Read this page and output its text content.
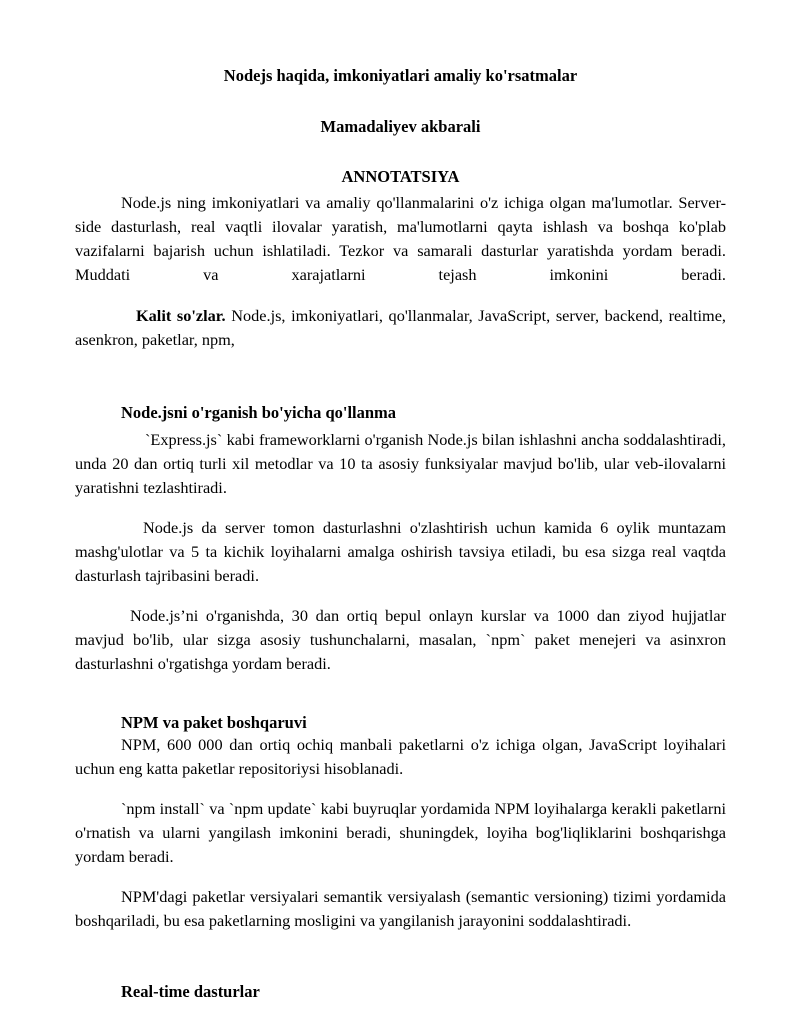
Nodejs haqida, imkoniyatlari amaliy ko'rsatmalar
Mamadaliyev akbarali
ANNOTATSIYA
Node.js ning imkoniyatlari va amaliy qo'llanmalarini o'z ichiga olgan ma'lumotlar. Server-side dasturlash, real vaqtli ilovalar yaratish, ma'lumotlarni qayta ishlash va boshqa ko'plab vazifalarni bajarish uchun ishlatiladi. Tezkor va samarali dasturlar yaratishda yordam beradi. Muddati va xarajatlarni tejash imkonini beradi.
Kalit so'zlar. Node.js, imkoniyatlari, qo'llanmalar, JavaScript, server, backend, realtime, asenkron, paketlar, npm,
Node.jsni o'rganish bo'yicha qo'llanma
`Express.js` kabi frameworklarni o'rganish Node.js bilan ishlashni ancha soddalashtiradi, unda 20 dan ortiq turli xil metodlar va 10 ta asosiy funksiyalar mavjud bo'lib, ular veb-ilovalarni yaratishni tezlashtiradi.
Node.js da server tomon dasturlashni o'zlashtirish uchun kamida 6 oylik muntazam mashg'ulotlar va 5 ta kichik loyihalarni amalga oshirish tavsiya etiladi, bu esa sizga real vaqtda dasturlash tajribasini beradi.
Node.js’ni o'rganishda, 30 dan ortiq bepul onlayn kurslar va 1000 dan ziyod hujjatlar mavjud bo'lib, ular sizga asosiy tushunchalarni, masalan, `npm` paket menejeri va asinxron dasturlashni o'rgatishga yordam beradi.
NPM va paket boshqaruvi
NPM, 600 000 dan ortiq ochiq manbali paketlarni o'z ichiga olgan, JavaScript loyihalari uchun eng katta paketlar repositoriysi hisoblanadi.
`npm install` va `npm update` kabi buyruqlar yordamida NPM loyihalarga kerakli paketlarni o'rnatish va ularni yangilash imkonini beradi, shuningdek, loyiha bog'liqliklarini boshqarishga yordam beradi.
NPM'dagi paketlar versiyalari semantik versiyalash (semantic versioning) tizimi yordamida boshqariladi, bu esa paketlarning mosligini va yangilanish jarayonini soddalashtiradi.
Real-time dasturlar
